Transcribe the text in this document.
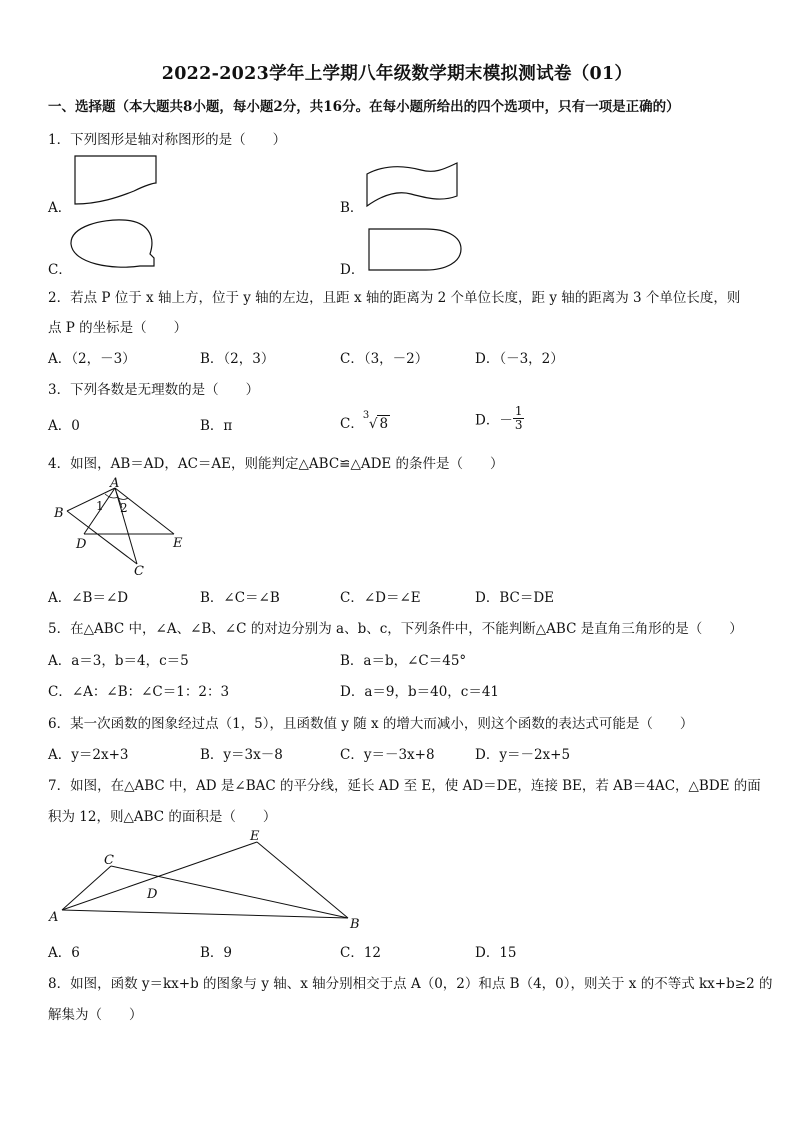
2022-2023学年上学期八年级数学期末模拟测试卷（01）
一、选择题（本大题共8小题，每小题2分，共16分。在每小题所给出的四个选项中，只有一项是正确的）
1．下列图形是轴对称图形的是（　　）
A．	B．
C．	D．
2．若点 P 位于 x 轴上方，位于 y 轴的左边，且距 x 轴的距离为 2 个单位长度，距 y 轴的距离为 3 个单位长度，则
点 P 的坐标是（　　）
A．（2，－3）	B．（2，3）	C．（3，－2）	D．（－3，2）
3．下列各数是无理数的是（　　）
A．0	B．π	C．
3
√ 8	D．－ $\frac{1}{3}$
4．如图，AB＝AD，AC＝AE，则能判定△ABC≌△ADE 的条件是（　　）
A
B
D	E
C
1 2
A．∠B＝∠D	B．∠C＝∠B	C．∠D＝∠E	D．BC＝DE
5．在△ABC 中，∠A、∠B、∠C 的对边分别为 a、b、c，下列条件中，不能判断△ABC 是直角三角形的是（　　）
A．a＝3，b＝4，c＝5	B．a＝b，∠C＝45°
C．∠A：∠B：∠C＝1：2：3	D．a＝9，b＝40，c＝41
6．某一次函数的图象经过点（1，5），且函数值 y 随 x 的增大而减小，则这个函数的表达式可能是（　　）
A．y＝2x+3	B．y＝3x－8	C．y＝－3x+8	D．y＝－2x+5
7．如图，在△ABC 中，AD 是∠BAC 的平分线，延长 AD 至 E，使 AD＝DE，连接 BE，若 AB＝4AC，△BDE 的面
积为 12，则△ABC 的面积是（　　）
E
C
D
A	B
A．6	B．9	C．12	D．15
8．如图，函数 y＝kx+b 的图象与 y 轴、x 轴分别相交于点 A（0，2）和点 B（4，0），则关于 x 的不等式 kx+b≥2 的
解集为（　　）
